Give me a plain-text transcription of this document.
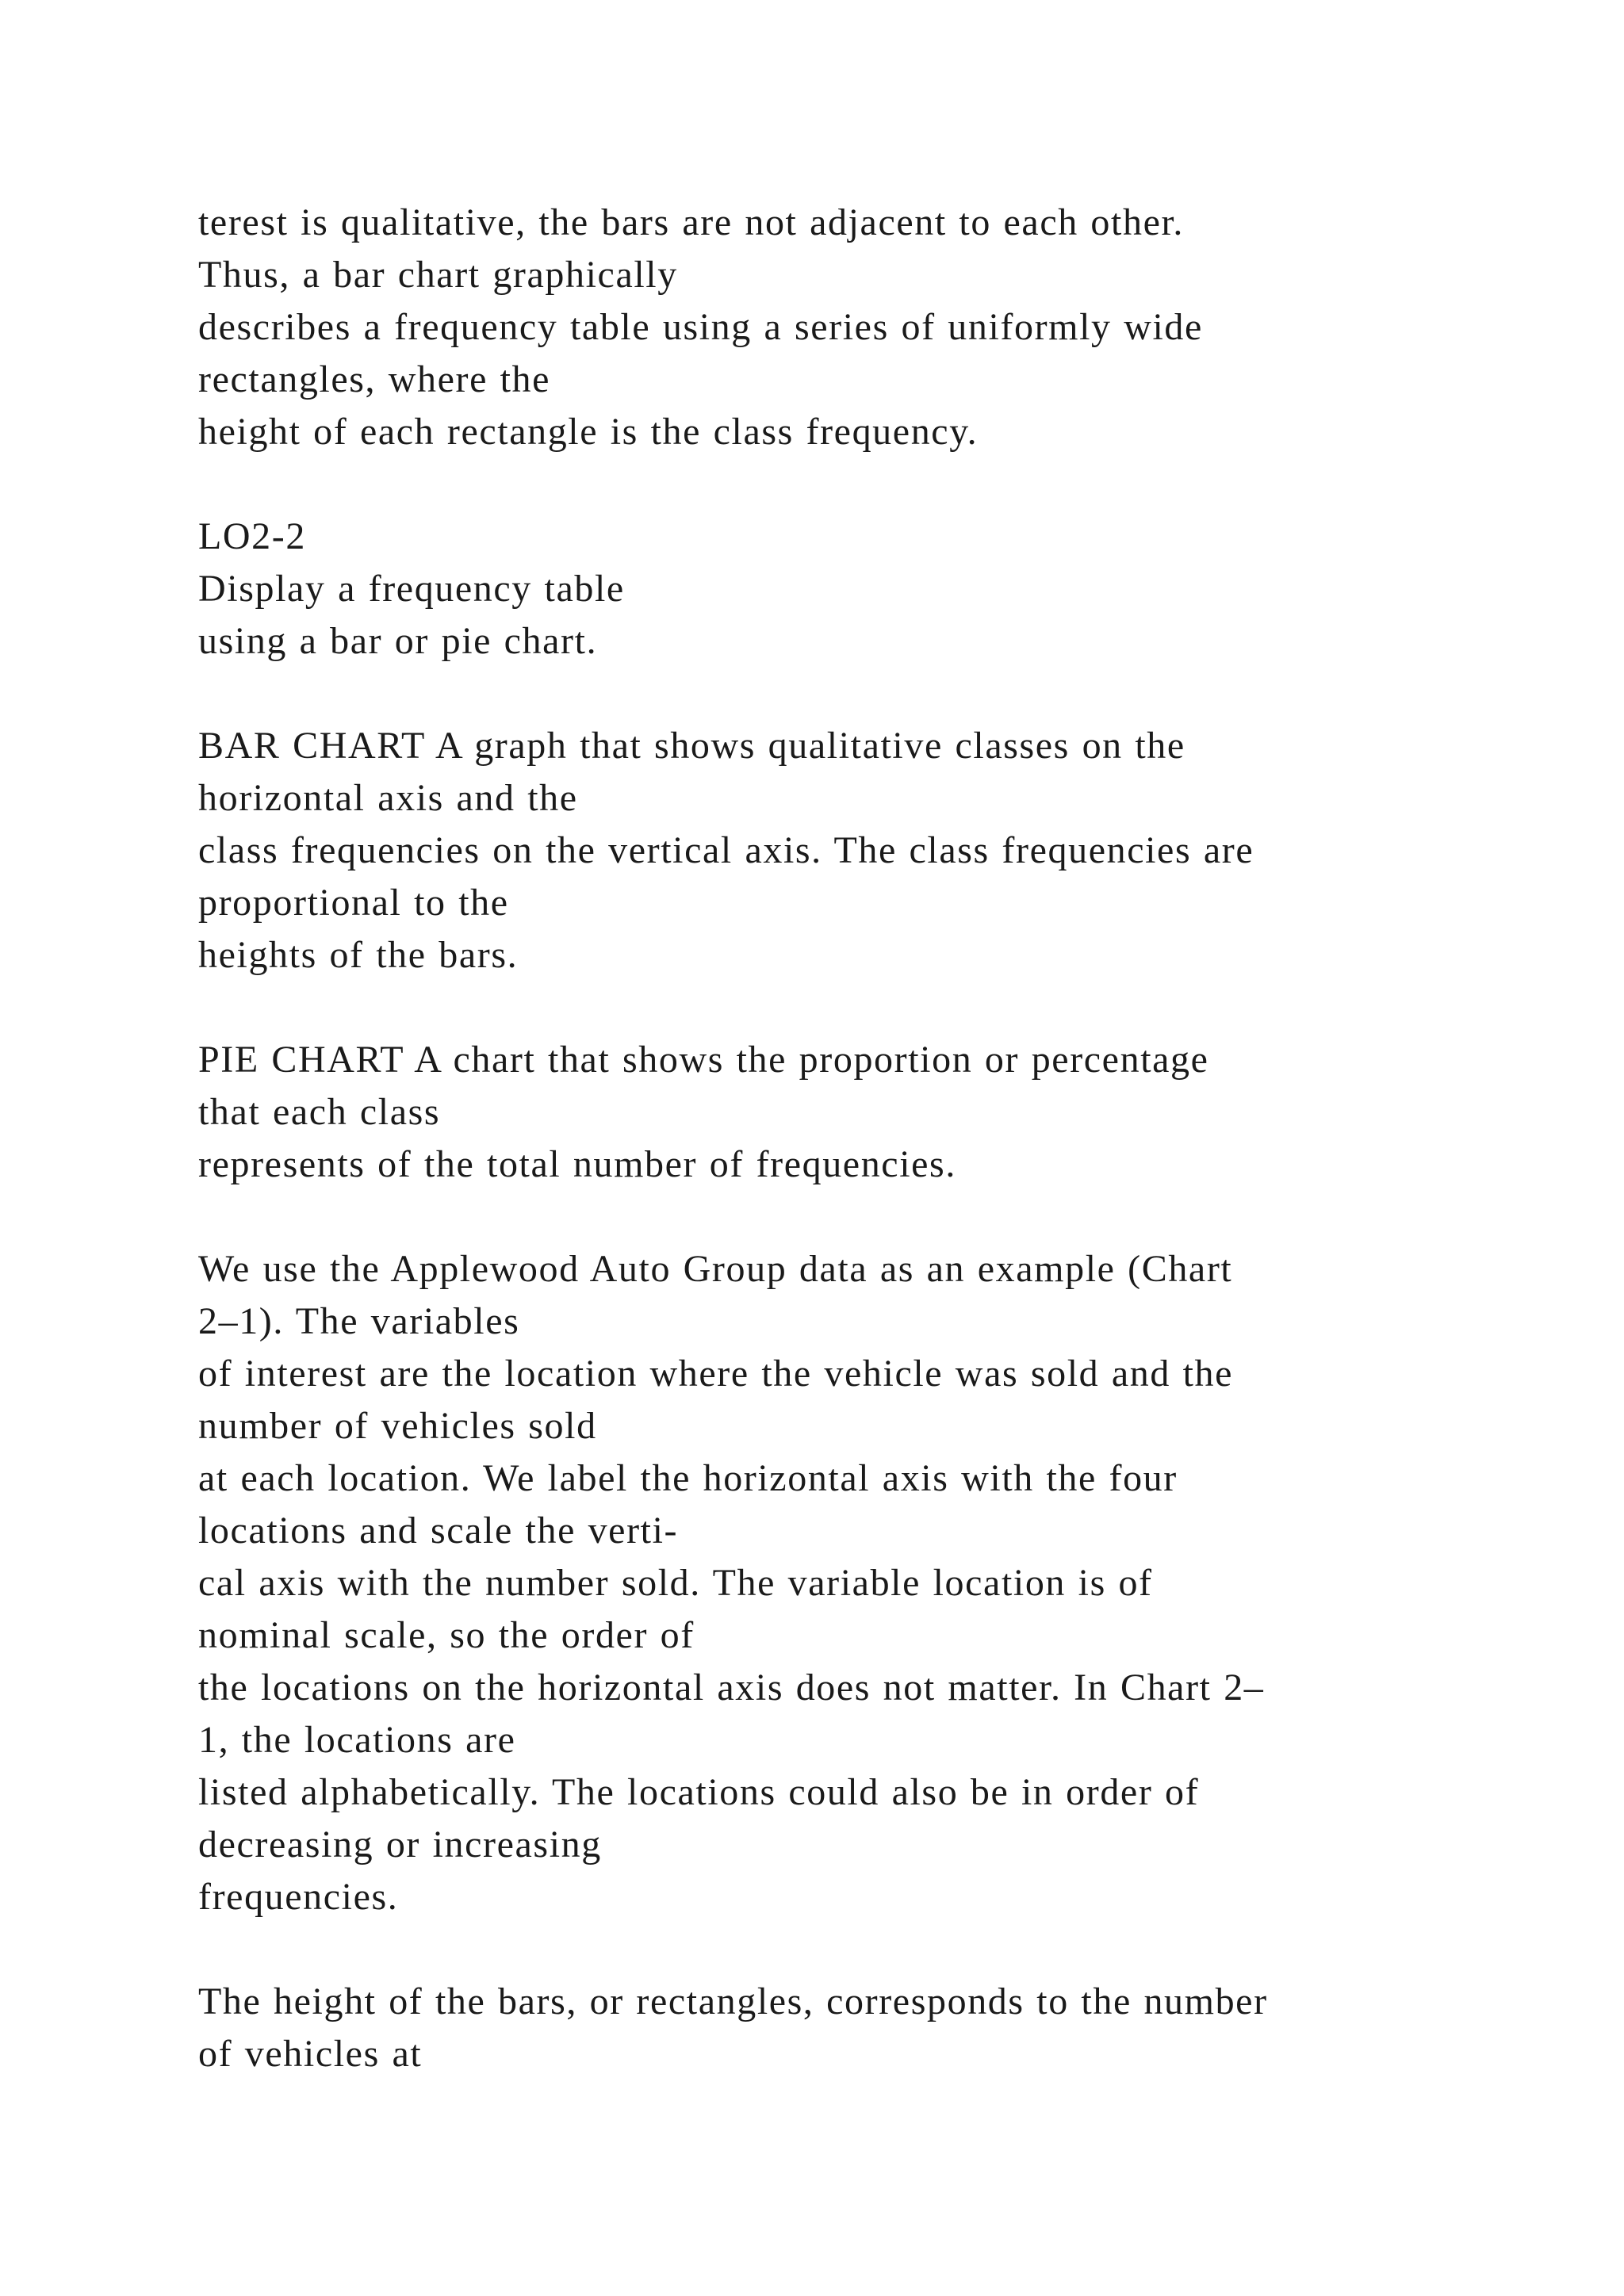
terest is qualitative, the bars are not adjacent to each other.
Thus, a bar chart graphically
describes a frequency table using a series of uniformly wide
rectangles, where the
height of each rectangle is the class frequency.
LO2-2
Display a frequency table
using a bar or pie chart.
BAR CHART A graph that shows qualitative classes on the
horizontal axis and the
class frequencies on the vertical axis. The class frequencies are
proportional to the
heights of the bars.
PIE CHART A chart that shows the proportion or percentage
that each class
represents of the total number of frequencies.
We use the Applewood Auto Group data as an example (Chart
2–1). The variables
of interest are the location where the vehicle was sold and the
number of vehicles sold
at each location. We label the horizontal axis with the four
locations and scale the verti-
cal axis with the number sold. The variable location is of
nominal scale, so the order of
the locations on the horizontal axis does not matter. In Chart 2–
1, the locations are
listed alphabetically. The locations could also be in order of
decreasing or increasing
frequencies.
The height of the bars, or rectangles, corresponds to the number
of vehicles at
